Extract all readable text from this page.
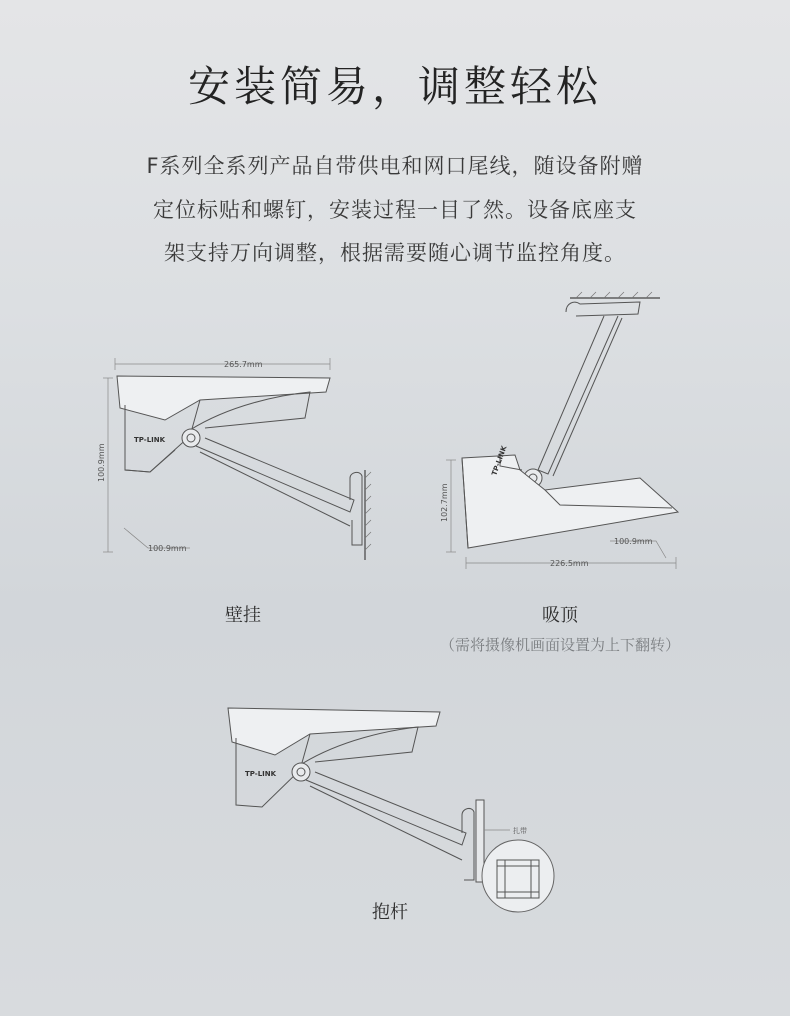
安装简易，调整轻松
F系列全系列产品自带供电和网口尾线，随设备附赠
定位标贴和螺钉，安装过程一目了然。设备底座支
架支持万向调整，根据需要随心调节监控角度。
265.7mm
100.9mm
100.9mm
TP-LINK
102.7mm
100.9mm
226.5mm
TP-LINK
TP-LINK
扎带
壁挂	吸顶
（需将摄像机画面设置为上下翻转）
抱杆
